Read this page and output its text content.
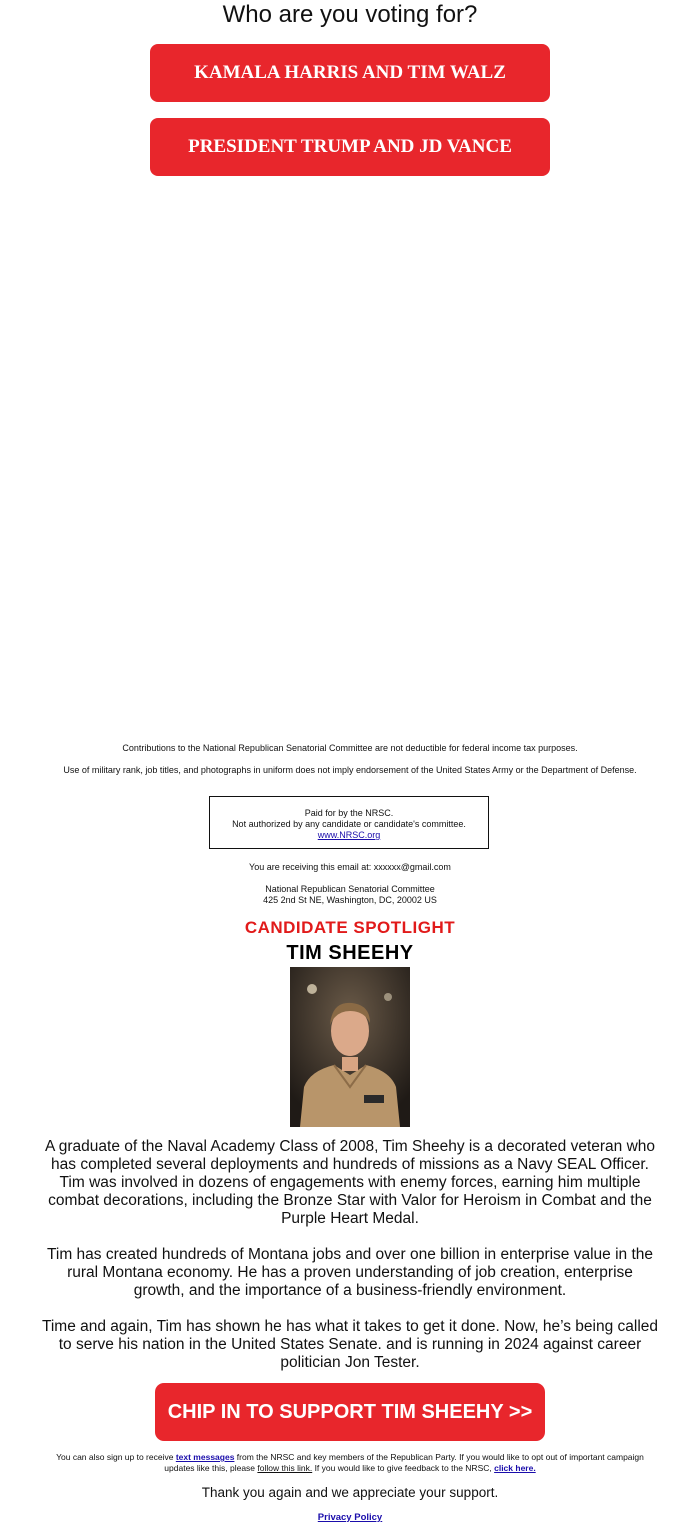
Who are you voting for?
KAMALA HARRIS AND TIM WALZ
PRESIDENT TRUMP AND JD VANCE
Contributions to the National Republican Senatorial Committee are not deductible for federal income tax purposes.
Use of military rank, job titles, and photographs in uniform does not imply endorsement of the United States Army or the Department of Defense.
Paid for by the NRSC.
Not authorized by any candidate or candidate's committee.
www.NRSC.org
You are receiving this email at: xxxxxx@gmail.com
National Republican Senatorial Committee
425 2nd St NE, Washington, DC, 20002 US
CANDIDATE SPOTLIGHT
TIM SHEEHY
A graduate of the Naval Academy Class of 2008, Tim Sheehy is a decorated veteran who has completed several deployments and hundreds of missions as a Navy SEAL Officer. Tim was involved in dozens of engagements with enemy forces, earning him multiple combat decorations, including the Bronze Star with Valor for Heroism in Combat and the Purple Heart Medal.
Tim has created hundreds of Montana jobs and over one billion in enterprise value in the rural Montana economy. He has a proven understanding of job creation, enterprise growth, and the importance of a business-friendly environment.
Time and again, Tim has shown he has what it takes to get it done. Now, he’s being called to serve his nation in the United States Senate. and is running in 2024 against career politician Jon Tester.
CHIP IN TO SUPPORT TIM SHEEHY >>
You can also sign up to receive text messages from the NRSC and key members of the Republican Party. If you would like to opt out of important campaign updates like this, please follow this link. If you would like to give feedback to the NRSC, click here.
Thank you again and we appreciate your support.
Privacy Policy
